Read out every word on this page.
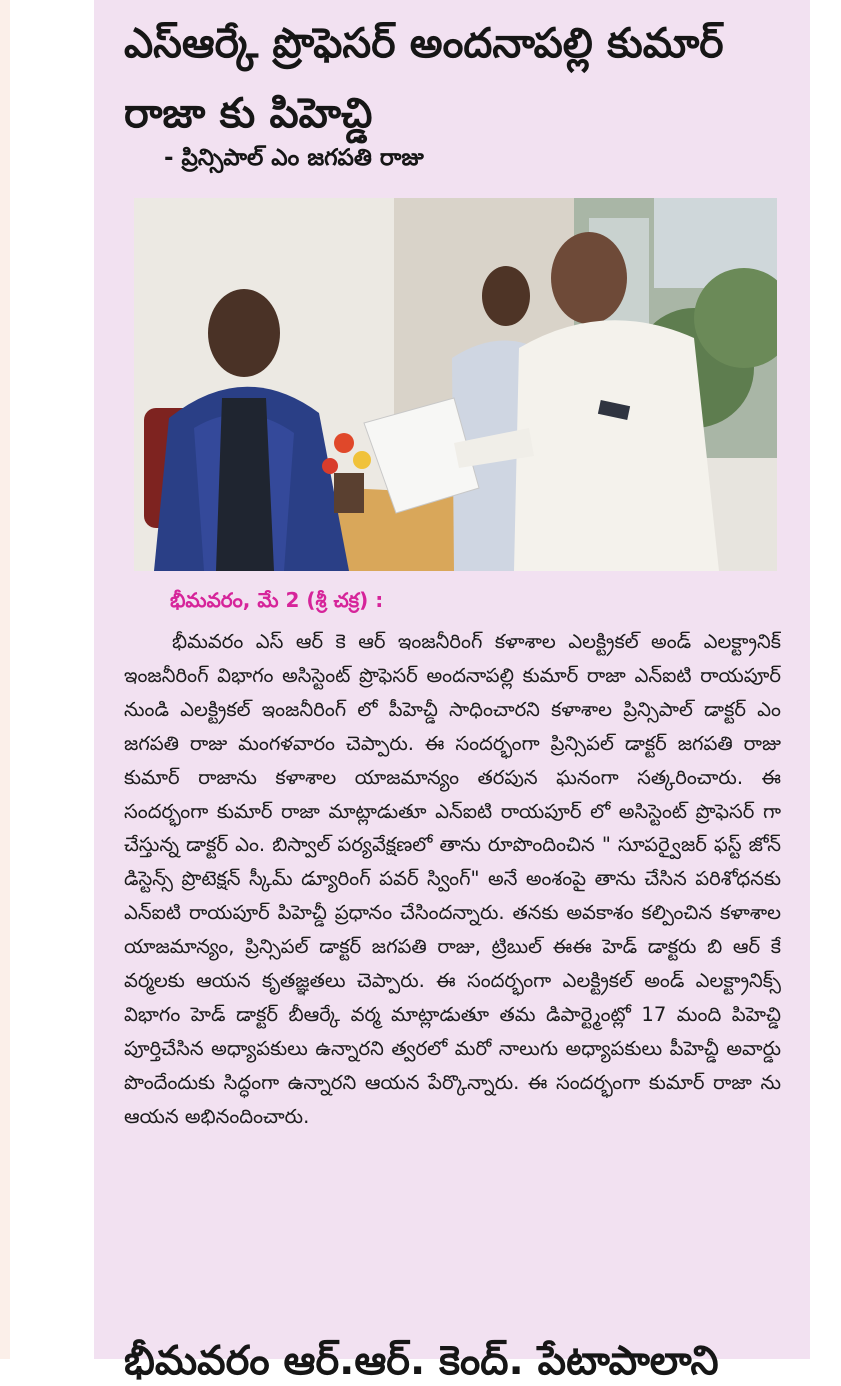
ఎస్ఆర్కే ప్రొఫెసర్ అందనాపల్లి కుమార్ రాజా కు పిహెచ్డి
- ప్రిన్సిపాల్ ఎం జగపతి రాజు
భీమవరం, మే 2 (శ్రీ చక్ర) :

భీమవరం ఎస్ ఆర్ కె ఆర్ ఇంజనీరింగ్ కళాశాల ఎలక్ట్రికల్ అండ్ ఎలక్ట్రానిక్ ఇంజనీరింగ్ విభాగం అసిస్టెంట్ ప్రొఫెసర్ అందనాపల్లి కుమార్ రాజా ఎన్ఐటి రాయపూర్ నుండి ఎలక్ట్రికల్ ఇంజనీరింగ్ లో పీహెచ్డీ సాధించారని కళాశాల ప్రిన్సిపాల్ డాక్టర్ ఎం జగపతి రాజు మంగళవారం చెప్పారు. ఈ సందర్భంగా ప్రిన్సిపల్ డాక్టర్ జగపతి రాజు కుమార్ రాజాను కళాశాల యాజమాన్యం తరపున ఘనంగా సత్కరించారు. ఈ సందర్భంగా కుమార్ రాజా మాట్లాడుతూ ఎన్ఐటి రాయపూర్ లో అసిస్టెంట్ ప్రొఫెసర్ గా చేస్తున్న డాక్టర్ ఎం. బిస్వాల్ పర్యవేక్షణలో తాను రూపొందించిన " సూపర్వైజర్ ఫస్ట్ జోన్ డిస్టెన్స్ ప్రొటెక్షన్ స్కీమ్ డ్యూరింగ్ పవర్ స్వింగ్" అనే అంశంపై తాను చేసిన పరిశోధనకు ఎన్ఐటి రాయపూర్ పిహెచ్డీ ప్రధానం చేసిందన్నారు. తనకు అవకాశం కల్పించిన కళాశాల యాజమాన్యం, ప్రిన్సిపల్ డాక్టర్ జగపతి రాజు, ట్రిబుల్ ఈఈ హెడ్ డాక్టరు బి ఆర్ కే వర్మలకు ఆయన కృతజ్ఞతలు చెప్పారు. ఈ సందర్భంగా ఎలక్ట్రికల్ అండ్ ఎలక్ట్రానిక్స్ విభాగం హెడ్ డాక్టర్ బీఆర్కే వర్మ మాట్లాడుతూ తమ డిపార్ట్మెంట్లో 17 మంది పిహెచ్డి పూర్తిచేసిన అధ్యాపకులు ఉన్నారని త్వరలో మరో నాలుగు అధ్యాపకులు పీహెచ్డీ అవార్డు పొందేందుకు సిద్ధంగా ఉన్నారని ఆయన పేర్కొన్నారు. ఈ సందర్భంగా కుమార్ రాజా ను ఆయన అభినందించారు.

భీమవరం ఆర్.ఆర్. కెంద్. పేటాపాలాని
